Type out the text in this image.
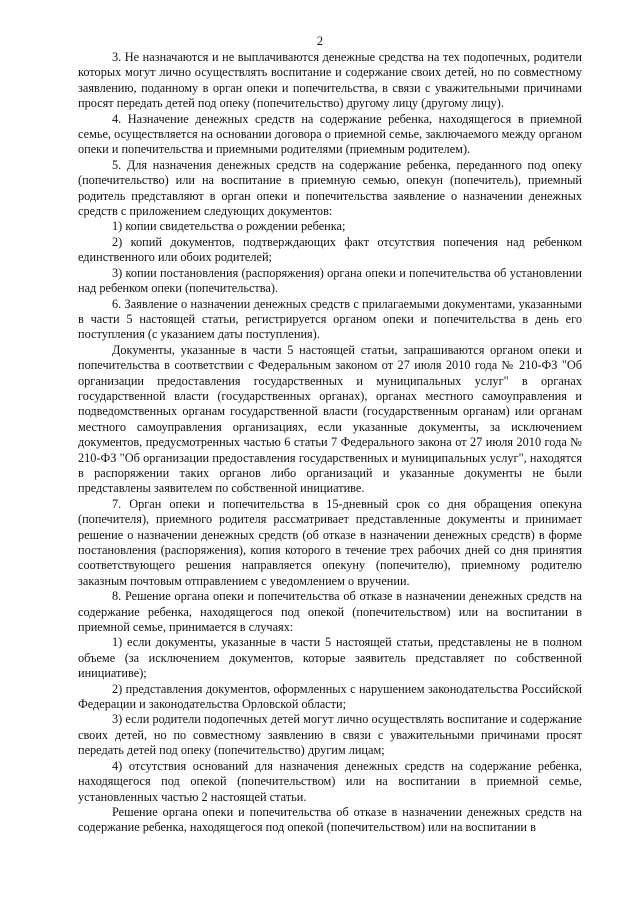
2

3. Не назначаются и не выплачиваются денежные средства на тех подопечных, родители которых могут лично осуществлять воспитание и содержание своих детей, но по совместному заявлению, поданному в орган опеки и попечительства, в связи с уважительными причинами просят передать детей под опеку (попечительство) другому лицу (другому лицу).

4. Назначение денежных средств на содержание ребенка, находящегося в приемной семье, осуществляется на основании договора о приемной семье, заключаемого между органом опеки и попечительства и приемными родителями (приемным родителем).

5. Для назначения денежных средств на содержание ребенка, переданного под опеку (попечительство) или на воспитание в приемную семью, опекун (попечитель), приемный родитель представляют в орган опеки и попечительства заявление о назначении денежных средств с приложением следующих документов:

1) копии свидетельства о рождении ребенка;

2) копий документов, подтверждающих факт отсутствия попечения над ребенком единственного или обоих родителей;

3) копии постановления (распоряжения) органа опеки и попечительства об установлении над ребенком опеки (попечительства).

6. Заявление о назначении денежных средств с прилагаемыми документами, указанными в части 5 настоящей статьи, регистрируется органом опеки и попечительства в день его поступления (с указанием даты поступления).

Документы, указанные в части 5 настоящей статьи, запрашиваются органом опеки и попечительства в соответствии с Федеральным законом от 27 июля 2010 года № 210-ФЗ "Об организации предоставления государственных и муниципальных услуг" в органах государственной власти (государственных органах), органах местного самоуправления и подведомственных органам государственной власти (государственным органам) или органам местного самоуправления организациях, если указанные документы, за исключением документов, предусмотренных частью 6 статьи 7 Федерального закона от 27 июля 2010 года № 210-ФЗ "Об организации предоставления государственных и муниципальных услуг", находятся в распоряжении таких органов либо организаций и указанные документы не были представлены заявителем по собственной инициативе.

7. Орган опеки и попечительства в 15-дневный срок со дня обращения опекуна (попечителя), приемного родителя рассматривает представленные документы и принимает решение о назначении денежных средств (об отказе в назначении денежных средств) в форме постановления (распоряжения), копия которого в течение трех рабочих дней со дня принятия соответствующего решения направляется опекуну (попечителю), приемному родителю заказным почтовым отправлением с уведомлением о вручении.

8. Решение органа опеки и попечительства об отказе в назначении денежных средств на содержание ребенка, находящегося под опекой (попечительством) или на воспитании в приемной семье, принимается в случаях:

1) если документы, указанные в части 5 настоящей статьи, представлены не в полном объеме (за исключением документов, которые заявитель представляет по собственной инициативе);

2) представления документов, оформленных с нарушением законодательства Российской Федерации и законодательства Орловской области;

3) если родители подопечных детей могут лично осуществлять воспитание и содержание своих детей, но по совместному заявлению в связи с уважительными причинами просят передать детей под опеку (попечительство) другим лицам;

4) отсутствия оснований для назначения денежных средств на содержание ребенка, находящегося под опекой (попечительством) или на воспитании в приемной семье, установленных частью 2 настоящей статьи.

Решение органа опеки и попечительства об отказе в назначении денежных средств на содержание ребенка, находящегося под опекой (попечительством) или на воспитании в
